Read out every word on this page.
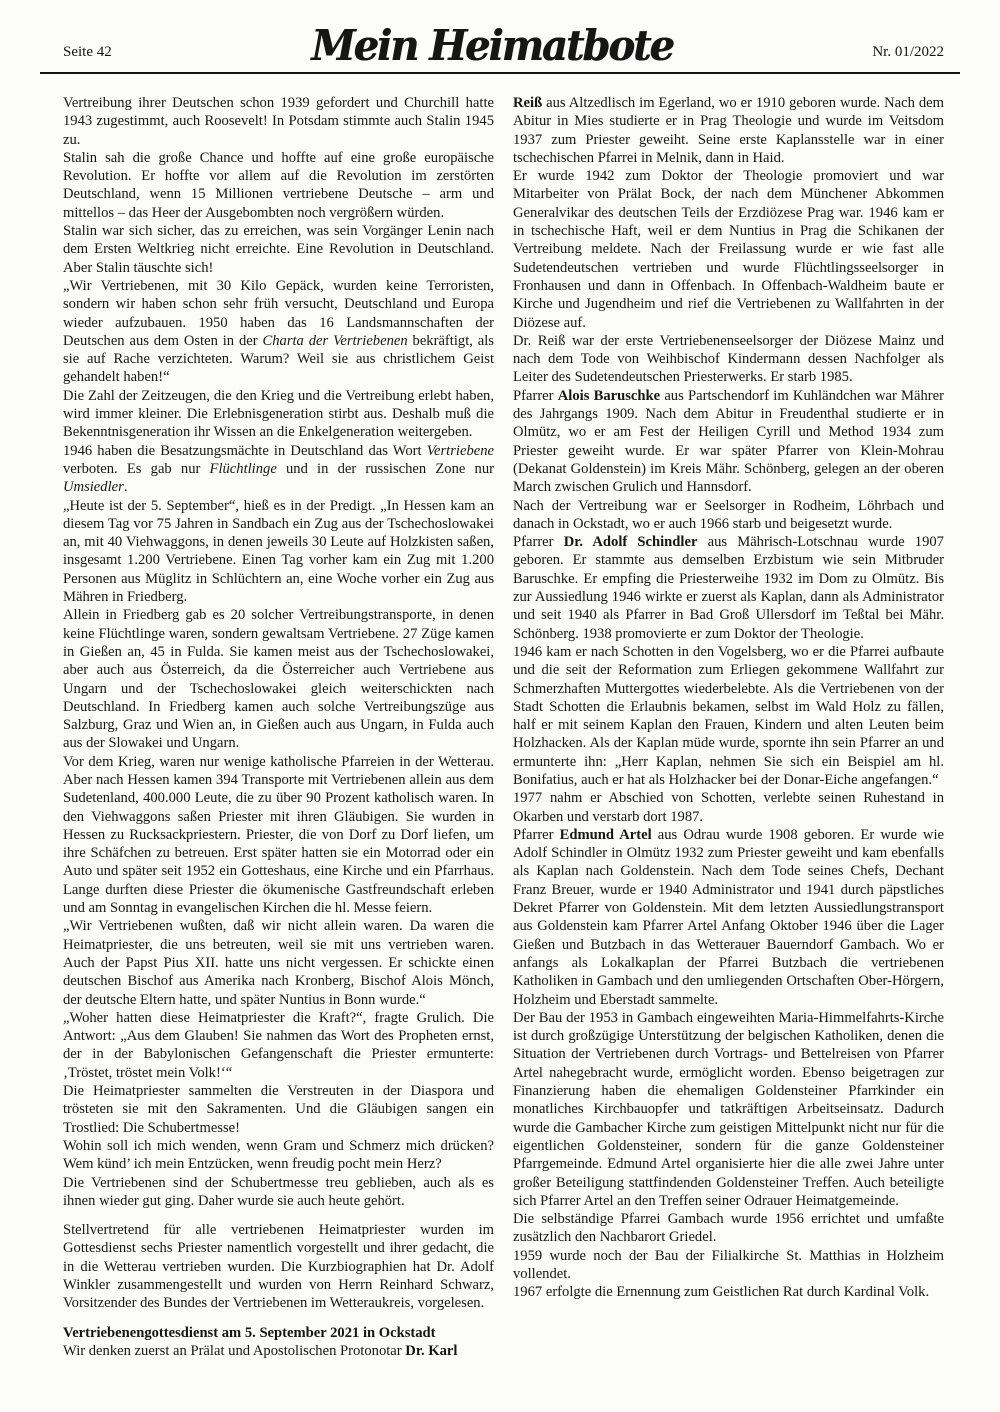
Seite 42	Mein Heimatbote	Nr. 01/2022

Vertreibung ihrer Deutschen schon 1939 gefordert und Churchill hatte 1943 zugestimmt, auch Roosevelt! In Potsdam stimmte auch Stalin 1945 zu.

Stalin sah die große Chance und hoffte auf eine große europäische Revolution. Er hoffte vor allem auf die Revolution im zerstörten Deutschland, wenn 15 Millionen vertriebene Deutsche – arm und mittellos – das Heer der Ausgebombten noch vergrößern würden.

Stalin war sich sicher, das zu erreichen, was sein Vorgänger Lenin nach dem Ersten Weltkrieg nicht erreichte. Eine Revolution in Deutschland. Aber Stalin täuschte sich!

„Wir Vertriebenen, mit 30 Kilo Gepäck, wurden keine Terroristen, sondern wir haben schon sehr früh versucht, Deutschland und Europa wieder aufzubauen. 1950 haben das 16 Landsmannschaften der Deutschen aus dem Osten in der Charta der Vertriebenen bekräftigt, als sie auf Rache verzichteten. Warum? Weil sie aus christlichem Geist gehandelt haben!“

Die Zahl der Zeitzeugen, die den Krieg und die Vertreibung erlebt haben, wird immer kleiner. Die Erlebnisgeneration stirbt aus. Deshalb muß die Bekenntnisgeneration ihr Wissen an die Enkelgeneration weitergeben.

1946 haben die Besatzungsmächte in Deutschland das Wort Vertriebene verboten. Es gab nur Flüchtlinge und in der russischen Zone nur Umsiedler.

„Heute ist der 5. September“, hieß es in der Predigt. „In Hessen kam an diesem Tag vor 75 Jahren in Sandbach ein Zug aus der Tschechoslowakei an, mit 40 Viehwaggons, in denen jeweils 30 Leute auf Holzkisten saßen, insgesamt 1.200 Vertriebene. Einen Tag vorher kam ein Zug mit 1.200 Personen aus Müglitz in Schlüchtern an, eine Woche vorher ein Zug aus Mähren in Friedberg.

Allein in Friedberg gab es 20 solcher Vertreibungstransporte, in denen keine Flüchtlinge waren, sondern gewaltsam Vertriebene. 27 Züge kamen in Gießen an, 45 in Fulda. Sie kamen meist aus der Tschechoslowakei, aber auch aus Österreich, da die Österreicher auch Vertriebene aus Ungarn und der Tschechoslowakei gleich weiterschickten nach Deutschland. In Friedberg kamen auch solche Vertreibungszüge aus Salzburg, Graz und Wien an, in Gießen auch aus Ungarn, in Fulda auch aus der Slowakei und Ungarn.

Vor dem Krieg, waren nur wenige katholische Pfarreien in der Wetterau. Aber nach Hessen kamen 394 Transporte mit Vertriebenen allein aus dem Sudetenland, 400.000 Leute, die zu über 90 Prozent katholisch waren. In den Viehwaggons saßen Priester mit ihren Gläubigen. Sie wurden in Hessen zu Rucksackpriestern. Priester, die von Dorf zu Dorf liefen, um ihre Schäfchen zu betreuen. Erst später hatten sie ein Motorrad oder ein Auto und später seit 1952 ein Gotteshaus, eine Kirche und ein Pfarrhaus. Lange durften diese Priester die ökumenische Gastfreundschaft erleben und am Sonntag in evangelischen Kirchen die hl. Messe feiern.

„Wir Vertriebenen wußten, daß wir nicht allein waren. Da waren die Heimatpriester, die uns betreuten, weil sie mit uns vertrieben waren. Auch der Papst Pius XII. hatte uns nicht vergessen. Er schickte einen deutschen Bischof aus Amerika nach Kronberg, Bischof Alois Mönch, der deutsche Eltern hatte, und später Nuntius in Bonn wurde.“

„Woher hatten diese Heimatpriester die Kraft?“, fragte Grulich. Die Antwort: „Aus dem Glauben! Sie nahmen das Wort des Propheten ernst, der in der Babylonischen Gefangenschaft die Priester ermunterte: ‚Tröstet, tröstet mein Volk!‘“

Die Heimatpriester sammelten die Verstreuten in der Diaspora und trösteten sie mit den Sakramenten. Und die Gläubigen sangen ein Trostlied: Die Schubertmesse!

Wohin soll ich mich wenden, wenn Gram und Schmerz mich drücken? Wem künd’ ich mein Entzücken, wenn freudig pocht mein Herz?

Die Vertriebenen sind der Schubertmesse treu geblieben, auch als es ihnen wieder gut ging. Daher wurde sie auch heute gehört.

Stellvertretend für alle vertriebenen Heimatpriester wurden im Gottesdienst sechs Priester namentlich vorgestellt und ihrer gedacht, die in die Wetterau vertrieben wurden. Die Kurzbiographien hat Dr. Adolf Winkler zusammengestellt und wurden von Herrn Reinhard Schwarz, Vorsitzender des Bundes der Vertriebenen im Wetteraukreis, vorgelesen.

Vertriebenengottesdienst am 5. September 2021 in Ockstadt

Wir denken zuerst an Prälat und Apostolischen Protonotar Dr. Karl

Reiß aus Altzedlisch im Egerland, wo er 1910 geboren wurde. Nach dem Abitur in Mies studierte er in Prag Theologie und wurde im Veitsdom 1937 zum Priester geweiht. Seine erste Kaplansstelle war in einer tschechischen Pfarrei in Melnik, dann in Haid.

Er wurde 1942 zum Doktor der Theologie promoviert und war Mitarbeiter von Prälat Bock, der nach dem Münchener Abkommen Generalvikar des deutschen Teils der Erzdiözese Prag war. 1946 kam er in tschechische Haft, weil er dem Nuntius in Prag die Schikanen der Vertreibung meldete. Nach der Freilassung wurde er wie fast alle Sudetendeutschen vertrieben und wurde Flüchtlingsseelsorger in Fronhausen und dann in Offenbach. In Offenbach-Waldheim baute er Kirche und Jugendheim und rief die Vertriebenen zu Wallfahrten in der Diözese auf.

Dr. Reiß war der erste Vertriebenenseelsorger der Diözese Mainz und nach dem Tode von Weihbischof Kindermann dessen Nachfolger als Leiter des Sudetendeutschen Priesterwerks. Er starb 1985.

Pfarrer Alois Baruschke aus Partschendorf im Kuhländchen war Mährer des Jahrgangs 1909. Nach dem Abitur in Freudenthal studierte er in Olmütz, wo er am Fest der Heiligen Cyrill und Method 1934 zum Priester geweiht wurde. Er war später Pfarrer von Klein-Mohrau (Dekanat Goldenstein) im Kreis Mähr. Schönberg, gelegen an der oberen March zwischen Grulich und Hannsdorf.

Nach der Vertreibung war er Seelsorger in Rodheim, Löhrbach und danach in Ockstadt, wo er auch 1966 starb und beigesetzt wurde.

Pfarrer Dr. Adolf Schindler aus Mährisch-Lotschnau wurde 1907 geboren. Er stammte aus demselben Erzbistum wie sein Mitbruder Baruschke. Er empfing die Priesterweihe 1932 im Dom zu Olmütz. Bis zur Aussiedlung 1946 wirkte er zuerst als Kaplan, dann als Administrator und seit 1940 als Pfarrer in Bad Groß Ullersdorf im Teßtal bei Mähr. Schönberg. 1938 promovierte er zum Doktor der Theologie.

1946 kam er nach Schotten in den Vogelsberg, wo er die Pfarrei aufbaute und die seit der Reformation zum Erliegen gekommene Wallfahrt zur Schmerzhaften Muttergottes wiederbelebte. Als die Vertriebenen von der Stadt Schotten die Erlaubnis bekamen, selbst im Wald Holz zu fällen, half er mit seinem Kaplan den Frauen, Kindern und alten Leuten beim Holzhacken. Als der Kaplan müde wurde, spornte ihn sein Pfarrer an und ermunterte ihn: „Herr Kaplan, nehmen Sie sich ein Beispiel am hl. Bonifatius, auch er hat als Holzhacker bei der Donar-Eiche angefangen.“

1977 nahm er Abschied von Schotten, verlebte seinen Ruhestand in Okarben und verstarb dort 1987.

Pfarrer Edmund Artel aus Odrau wurde 1908 geboren. Er wurde wie Adolf Schindler in Olmütz 1932 zum Priester geweiht und kam ebenfalls als Kaplan nach Goldenstein. Nach dem Tode seines Chefs, Dechant Franz Breuer, wurde er 1940 Administrator und 1941 durch päpstliches Dekret Pfarrer von Goldenstein. Mit dem letzten Aussiedlungstransport aus Goldenstein kam Pfarrer Artel Anfang Oktober 1946 über die Lager Gießen und Butzbach in das Wetterauer Bauerndorf Gambach. Wo er anfangs als Lokalkaplan der Pfarrei Butzbach die vertriebenen Katholiken in Gambach und den umliegenden Ortschaften Ober-Hörgern, Holzheim und Eberstadt sammelte.

Der Bau der 1953 in Gambach eingeweihten Maria-Himmelfahrts-Kirche ist durch großzügige Unterstützung der belgischen Katholiken, denen die Situation der Vertriebenen durch Vortrags- und Bettelreisen von Pfarrer Artel nahegebracht wurde, ermöglicht worden. Ebenso beigetragen zur Finanzierung haben die ehemaligen Goldensteiner Pfarrkinder ein monatliches Kirchbauopfer und tatkräftigen Arbeitseinsatz. Dadurch wurde die Gambacher Kirche zum geistigen Mittelpunkt nicht nur für die eigentlichen Goldensteiner, sondern für die ganze Goldensteiner Pfarrgemeinde. Edmund Artel organisierte hier die alle zwei Jahre unter großer Beteiligung stattfindenden Goldensteiner Treffen. Auch beteiligte sich Pfarrer Artel an den Treffen seiner Odrauer Heimatgemeinde.

Die selbständige Pfarrei Gambach wurde 1956 errichtet und umfaßte zusätzlich den Nachbarort Griedel.

1959 wurde noch der Bau der Filialkirche St. Matthias in Holzheim vollendet.

1967 erfolgte die Ernennung zum Geistlichen Rat durch Kardinal Volk.
